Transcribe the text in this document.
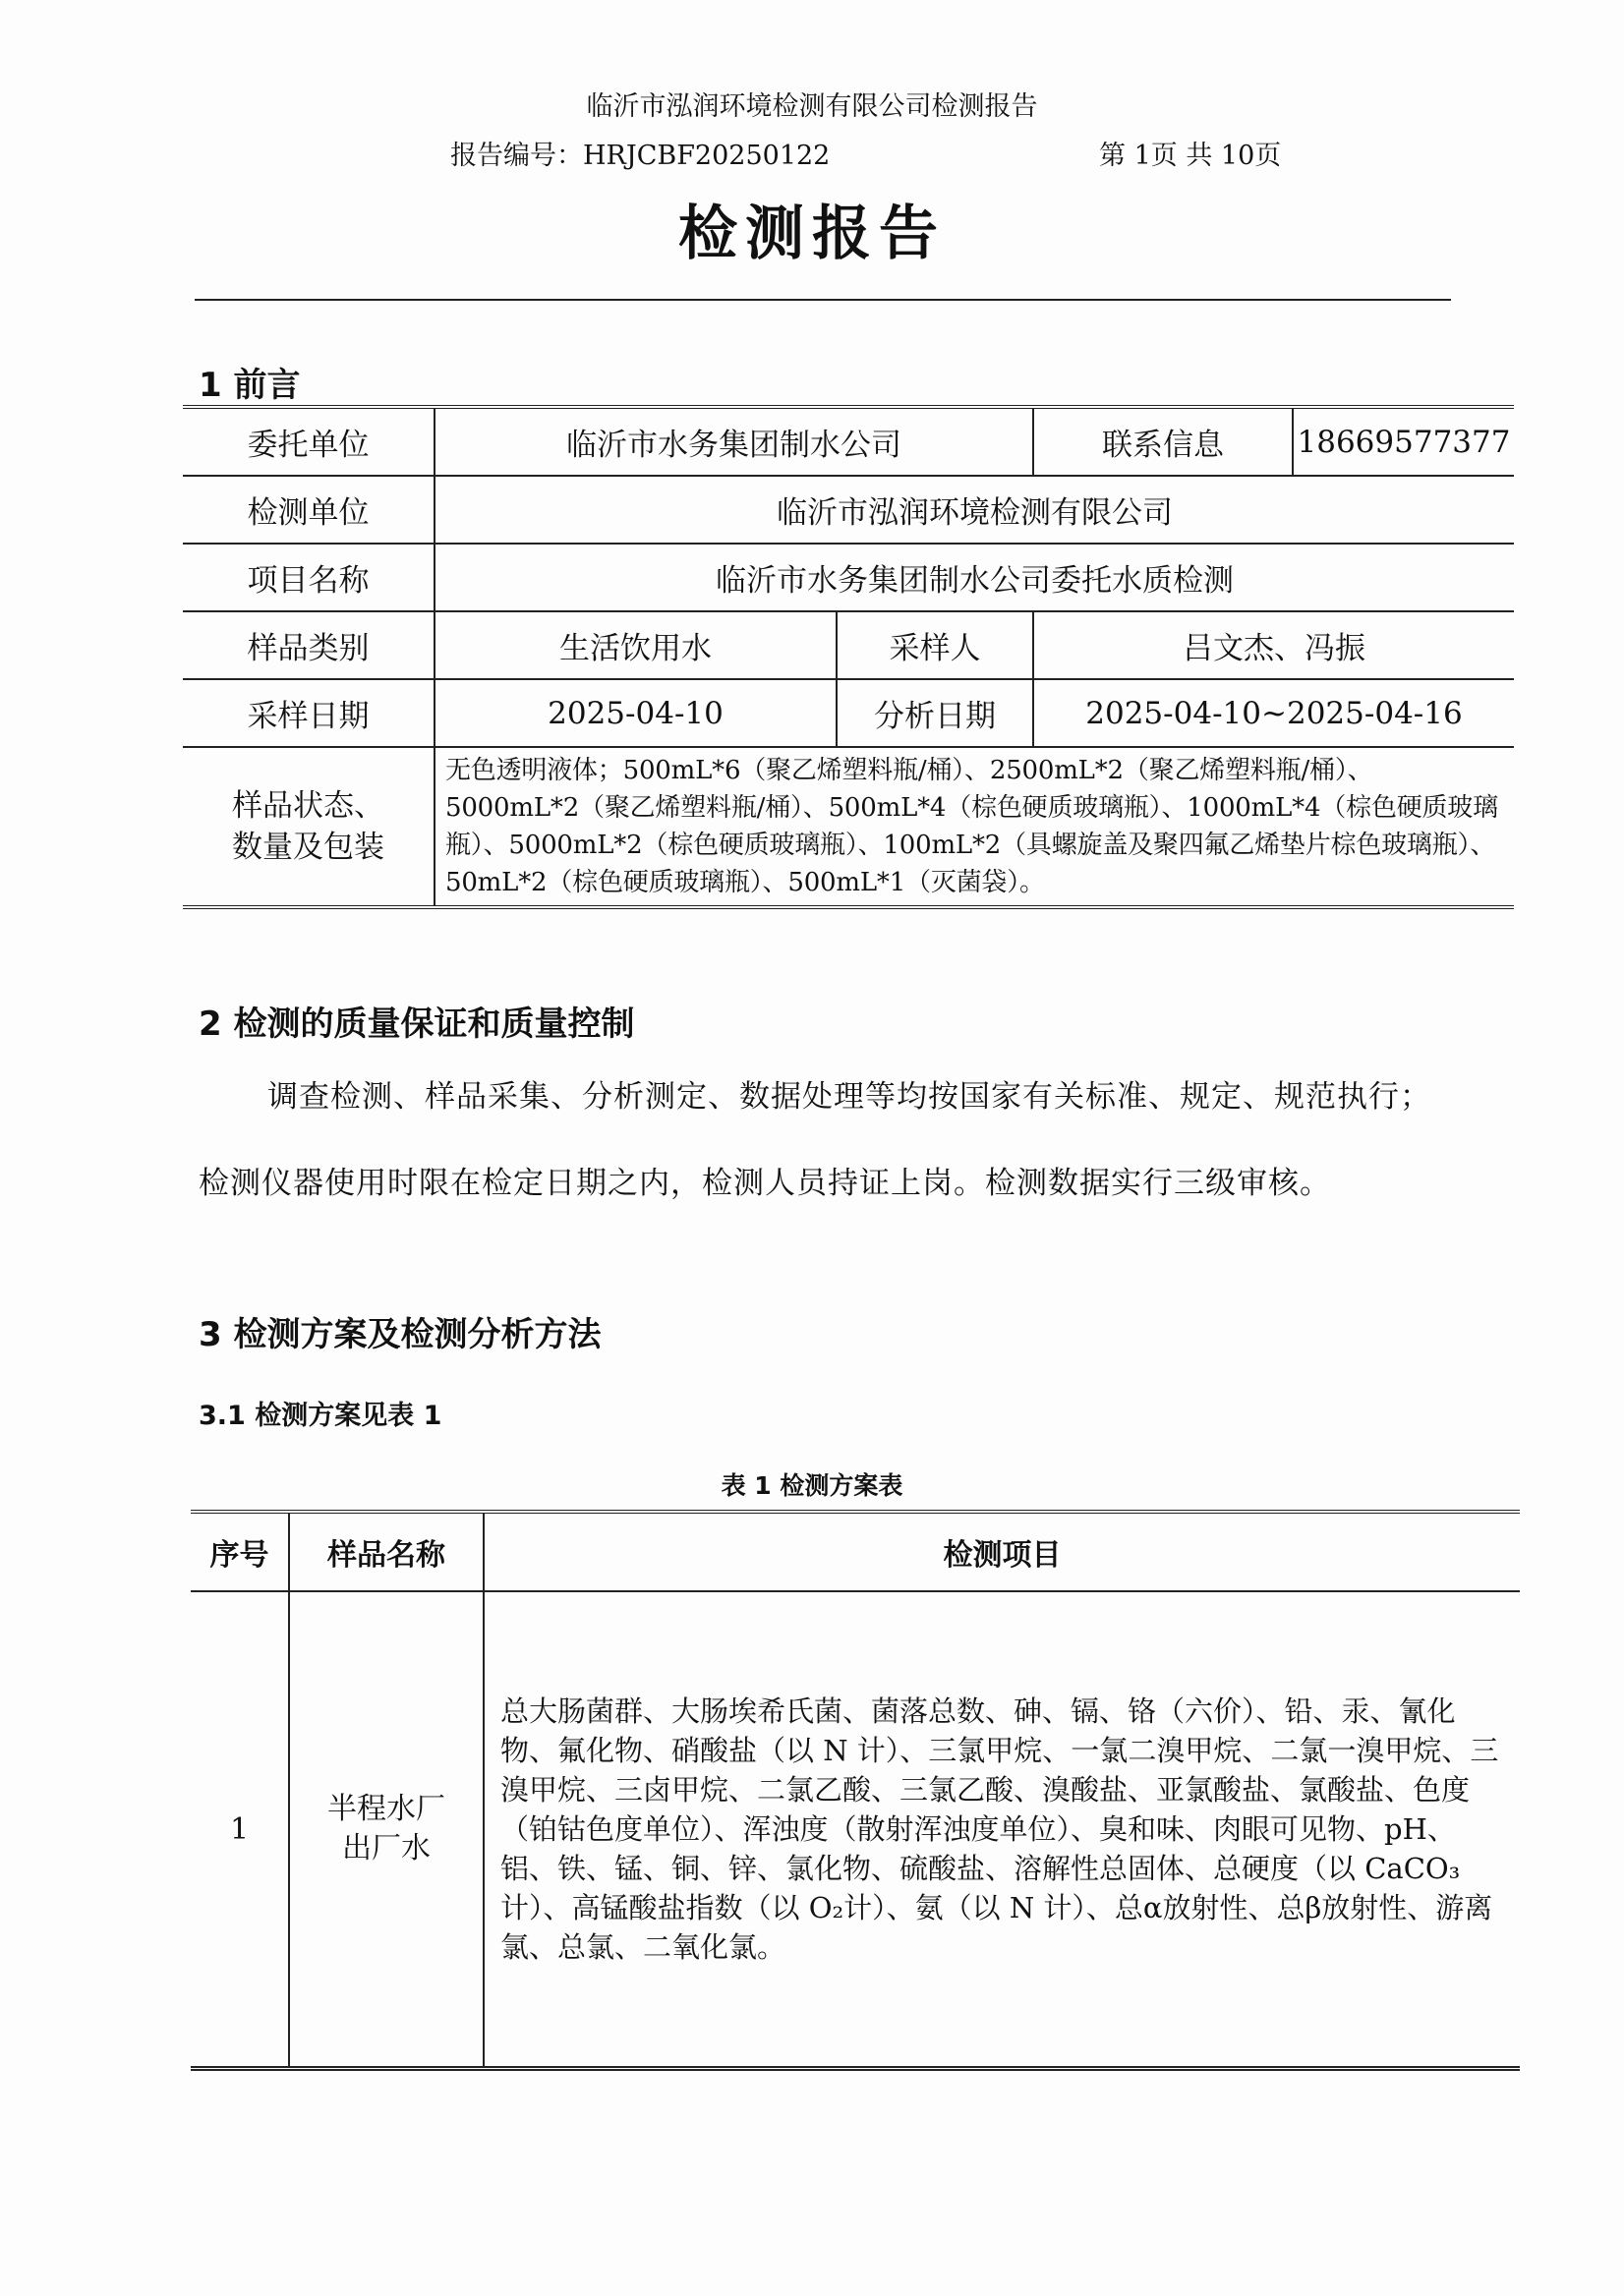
临沂市泓润环境检测有限公司检测报告
报告编号：HRJCBF20250122	第 1页 共 10页
检测报告
1 前言
委托单位	临沂市水务集团制水公司		联系信息	18669577377
检测单位	临沂市泓润环境检测有限公司			
项目名称	临沂市水务集团制水公司委托水质检测			
样品类别	生活饮用水	采样人	吕文杰、冯振	
采样日期	2025-04-10	分析日期	2025-04-10~2025-04-16	
样品状态、数量及包装	无色透明液体；500mL*6（聚乙烯塑料瓶/桶）、2500mL*2（聚乙烯塑料瓶/桶）、5000mL*2（聚乙烯塑料瓶/桶）、500mL*4（棕色硬质玻璃瓶）、1000mL*4（棕色硬质玻璃瓶）、5000mL*2（棕色硬质玻璃瓶）、100mL*2（具螺旋盖及聚四氟乙烯垫片棕色玻璃瓶）、50mL*2（棕色硬质玻璃瓶）、500mL*1（灭菌袋）。			
2 检测的质量保证和质量控制
调查检测、样品采集、分析测定、数据处理等均按国家有关标准、规定、规范执行；检测仪器使用时限在检定日期之内，检测人员持证上岗。检测数据实行三级审核。
3 检测方案及检测分析方法
3.1 检测方案见表 1
表 1 检测方案表
序号	样品名称	检测项目
1	半程水厂出厂水	总大肠菌群、大肠埃希氏菌、菌落总数、砷、镉、铬（六价）、铅、汞、氰化物、氟化物、硝酸盐（以 N 计）、三氯甲烷、一氯二溴甲烷、二氯一溴甲烷、三溴甲烷、三卤甲烷、二氯乙酸、三氯乙酸、溴酸盐、亚氯酸盐、氯酸盐、色度（铂钴色度单位）、浑浊度（散射浑浊度单位）、臭和味、肉眼可见物、pH、铝、铁、锰、铜、锌、氯化物、硫酸盐、溶解性总固体、总硬度（以 CaCO₃ 计）、高锰酸盐指数（以 O₂计）、氨（以 N 计）、总α放射性、总β放射性、游离氯、总氯、二氧化氯。
